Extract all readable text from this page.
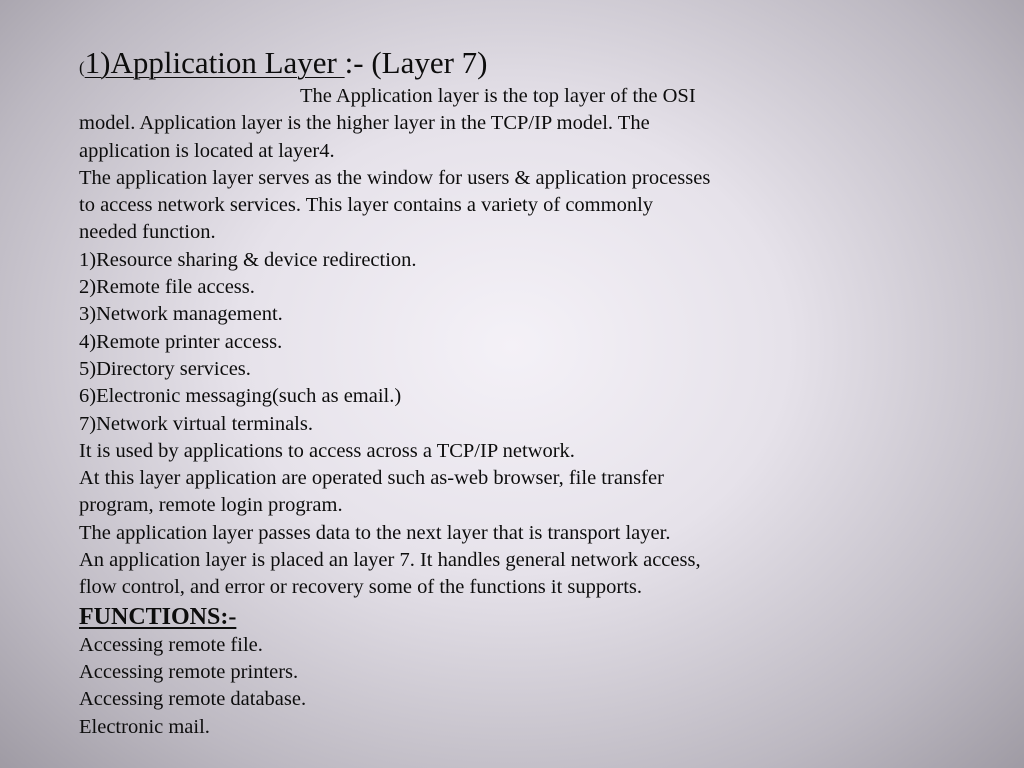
(1)Application Layer :- (Layer 7)
The Application layer is the top layer of the OSI
model. Application layer is the higher layer in the TCP/IP model. The
application is located at layer4.
The application layer serves as the window for users & application processes
to access network services. This layer contains a variety of commonly
needed function.
1)Resource sharing & device redirection.
2)Remote file access.
3)Network management.
4)Remote printer access.
5)Directory services.
6)Electronic messaging(such as email.)
7)Network virtual terminals.
It is used by applications to access across a TCP/IP network.
At this layer application are operated such as-web browser, file transfer
program, remote login program.
The application layer passes data to the next layer that is transport layer.
An application layer is placed an layer 7. It handles general network access,
flow control, and error or recovery some of the functions it supports.
FUNCTIONS:-
Accessing remote file.
Accessing remote printers.
Accessing remote database.
Electronic mail.
